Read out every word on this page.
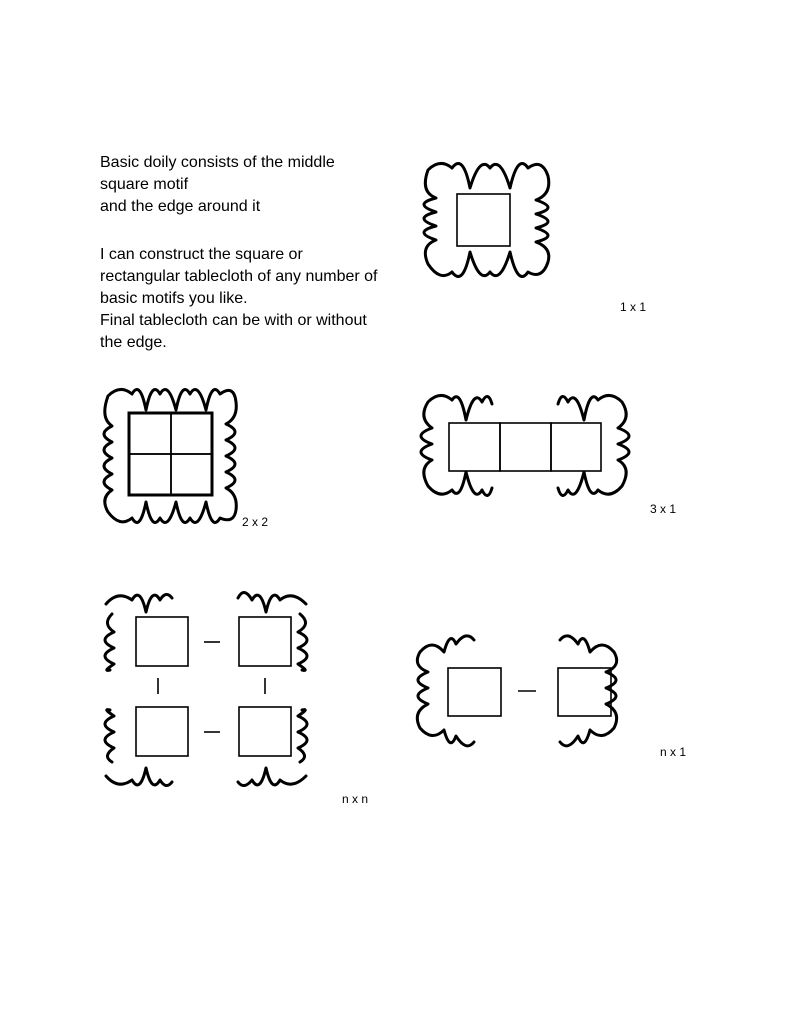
Basic doily consists of the middle
square motif
and the edge around it

I can construct the square or
rectangular tablecloth of any number of
basic motifs you like.
Final tablecloth can be with or without
the edge.

1 x 1
2 x 2
3 x 1
n x n
n x 1
